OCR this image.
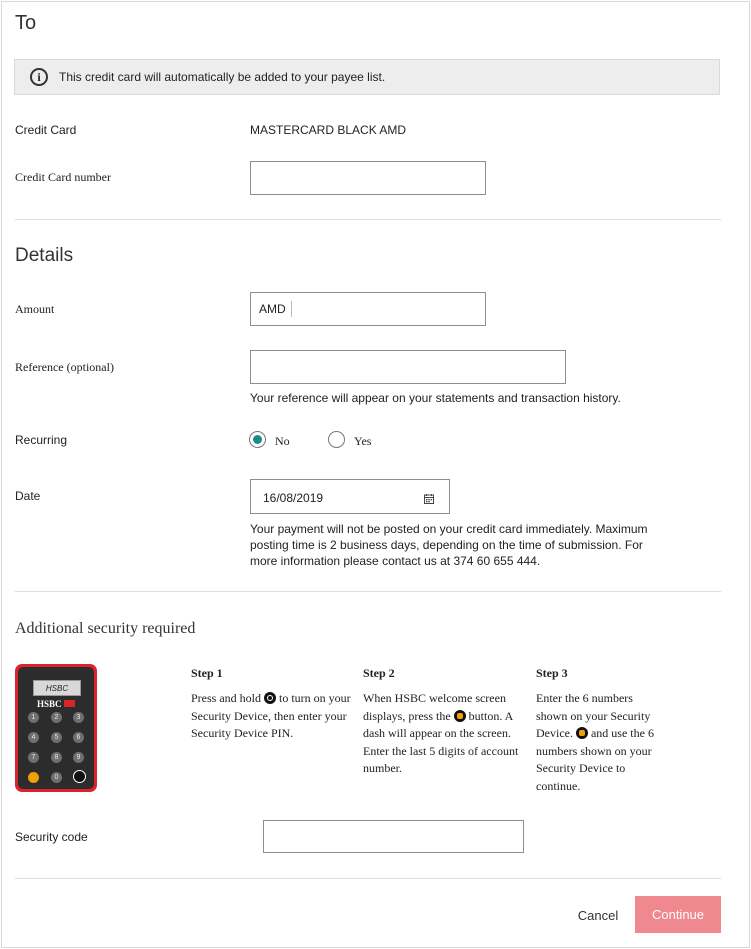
To
i	This credit card will automatically be added to your payee list.
Credit Card	MASTERCARD BLACK AMD
Credit Card number
Details
Amount	AMD
Reference (optional)
Your reference will appear on your statements and transaction history.
Recurring	No	Yes
Date	16/08/2019
Your payment will not be posted on your credit card immediately. Maximum posting time is 2 business days, depending on the time of submission. For more information please contact us at 374 60 655 444.
Additional security required
HSBC
HSBC
1	2	3
4	5	6
7	8	9
0
Step 1
Press and hold to turn on your Security Device, then enter your Security Device PIN.
Step 2
When HSBC welcome screen displays, press the button. A dash will appear on the screen. Enter the last 5 digits of account number.
Step 3
Enter the 6 numbers shown on your Security Device. and use the 6 numbers shown on your Security Device to continue.
Security code
Cancel	Continue
